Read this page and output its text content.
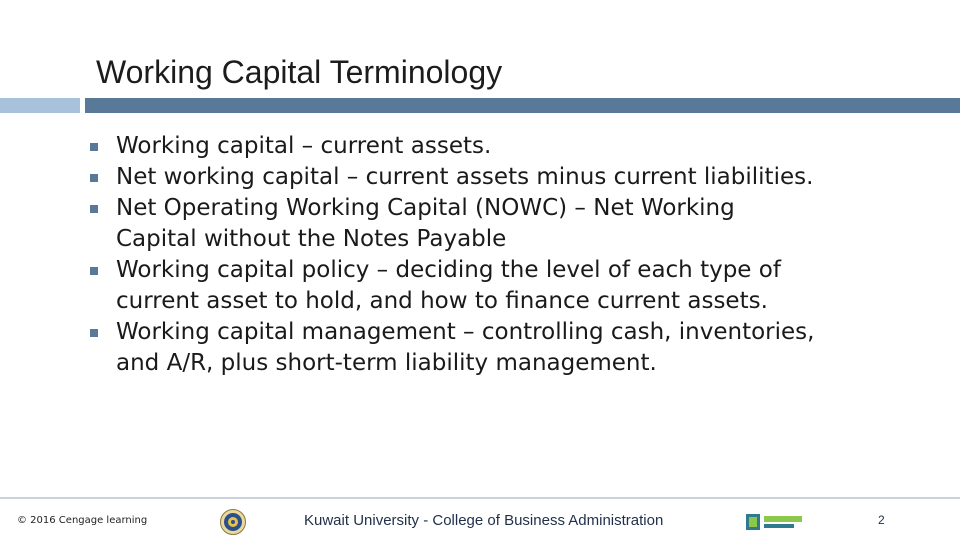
Working Capital Terminology
Working capital – current assets.
Net working capital – current assets minus current liabilities.
Net Operating Working Capital (NOWC) – Net Working Capital without the Notes Payable
Working capital policy – deciding the level of each type of current asset to hold, and how to finance current assets.
Working capital management – controlling cash, inventories, and A/R, plus short-term liability management.
© 2016 Cengage learning	Kuwait University - College of Business Administration	2
